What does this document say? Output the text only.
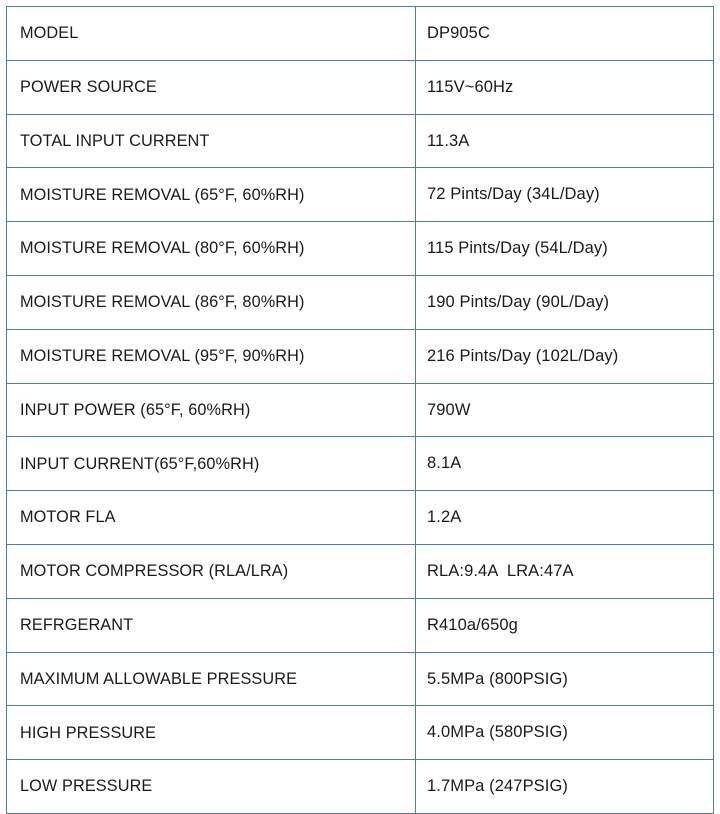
MODEL	DP905C
POWER SOURCE	115V~60Hz
TOTAL INPUT CURRENT	11.3A
MOISTURE REMOVAL (65°F, 60%RH)	72 Pints/Day (34L/Day)
MOISTURE REMOVAL (80°F, 60%RH)	115 Pints/Day (54L/Day)
MOISTURE REMOVAL (86°F, 80%RH)	190 Pints/Day (90L/Day)
MOISTURE REMOVAL (95°F, 90%RH)	216 Pints/Day (102L/Day)
INPUT POWER (65°F, 60%RH)	790W
INPUT CURRENT(65°F,60%RH)	8.1A
MOTOR FLA	1.2A
MOTOR COMPRESSOR (RLA/LRA)	RLA:9.4A  LRA:47A
REFRGERANT	R410a/650g
MAXIMUM ALLOWABLE PRESSURE	5.5MPa (800PSIG)
HIGH PRESSURE	4.0MPa (580PSIG)
LOW PRESSURE	1.7MPa (247PSIG)
